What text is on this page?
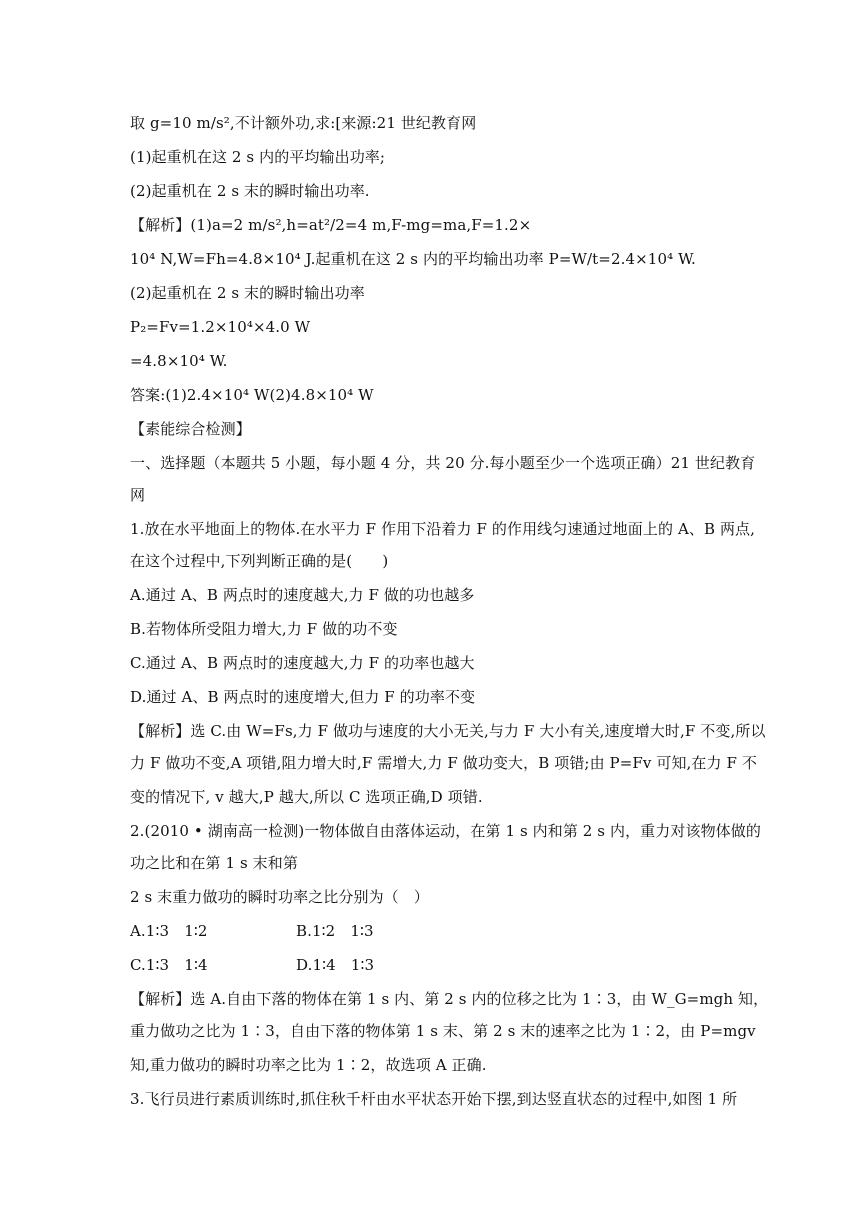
取 g=10 m/s²,不计额外功,求:[来源:21 世纪教育网
(1)起重机在这 2 s 内的平均输出功率;
(2)起重机在 2 s 末的瞬时输出功率.
【解析】(1)a=2 m/s²,h=at²/2=4 m,F-mg=ma,F=1.2×
10⁴ N,W=Fh=4.8×10⁴ J.起重机在这 2 s 内的平均输出功率 P=W/t=2.4×10⁴ W.
(2)起重机在 2 s 末的瞬时输出功率
P₂=Fv=1.2×10⁴×4.0 W
=4.8×10⁴ W.
答案:(1)2.4×10⁴ W(2)4.8×10⁴ W
【素能综合检测】
一、选择题（本题共 5 小题，每小题 4 分，共 20 分.每小题至少一个选项正确）21 世纪教育
网
1.放在水平地面上的物体.在水平力 F 作用下沿着力 F 的作用线匀速通过地面上的 A、B 两点,
在这个过程中,下列判断正确的是(　　)
A.通过 A、B 两点时的速度越大,力 F 做的功也越多
B.若物体所受阻力增大,力 F 做的功不变
C.通过 A、B 两点时的速度越大,力 F 的功率也越大
D.通过 A、B 两点时的速度增大,但力 F 的功率不变
【解析】选 C.由 W=Fs,力 F 做功与速度的大小无关,与力 F 大小有关,速度增大时,F 不变,所以
力 F 做功不变,A 项错,阻力增大时,F 需增大,力 F 做功变大，B 项错;由 P=Fv 可知,在力 F 不
变的情况下, v 越大,P 越大,所以 C 选项正确,D 项错.
2.(2010 • 湖南高一检测)一物体做自由落体运动，在第 1 s 内和第 2 s 内，重力对该物体做的
功之比和在第 1 s 末和第
2 s 末重力做功的瞬时功率之比分别为（　）
A.1∶3　1∶2	B.1∶2　1∶3
C.1∶3　1∶4	D.1∶4　1∶3
【解析】选 A.自由下落的物体在第 1 s 内、第 2 s 内的位移之比为 1∶3，由 W_G=mgh 知，
重力做功之比为 1∶3，自由下落的物体第 1 s 末、第 2 s 末的速率之比为 1∶2，由 P=mgv
知,重力做功的瞬时功率之比为 1∶2，故选项 A 正确.
3.飞行员进行素质训练时,抓住秋千杆由水平状态开始下摆,到达竖直状态的过程中,如图 1 所
